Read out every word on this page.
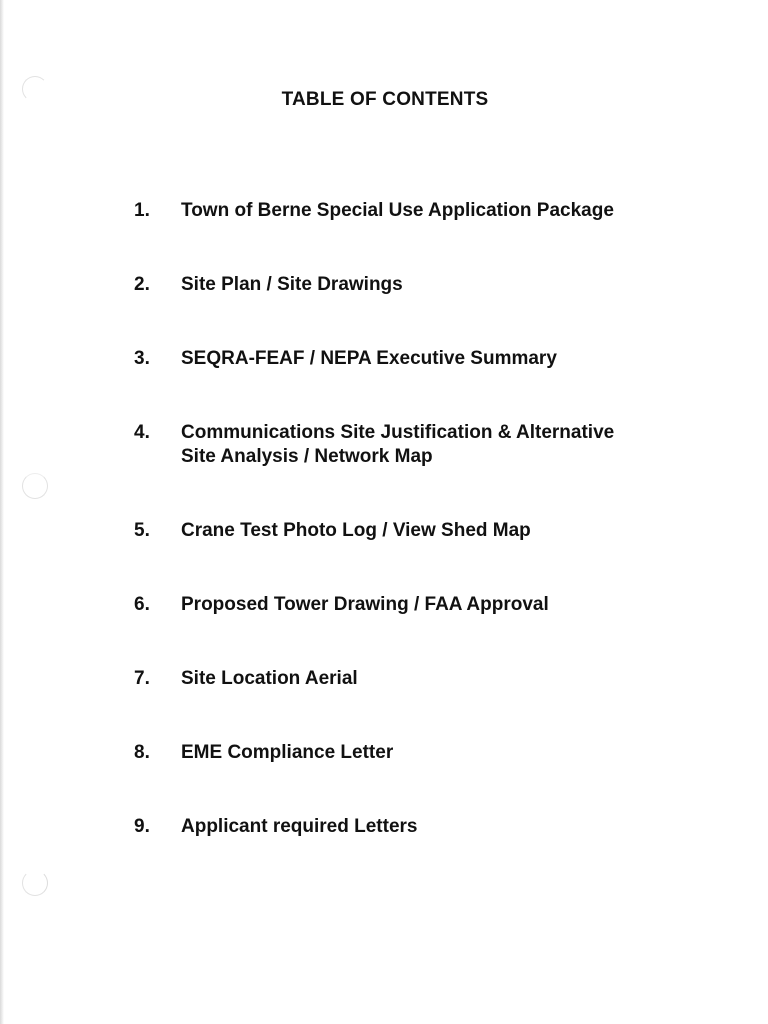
TABLE OF CONTENTS
1. Town of Berne Special Use Application Package
2. Site Plan / Site Drawings
3. SEQRA-FEAF / NEPA Executive Summary
4. Communications Site Justification & Alternative
Site Analysis / Network Map
5. Crane Test Photo Log / View Shed Map
6. Proposed Tower Drawing / FAA Approval
7. Site Location Aerial
8. EME Compliance Letter
9. Applicant required Letters
